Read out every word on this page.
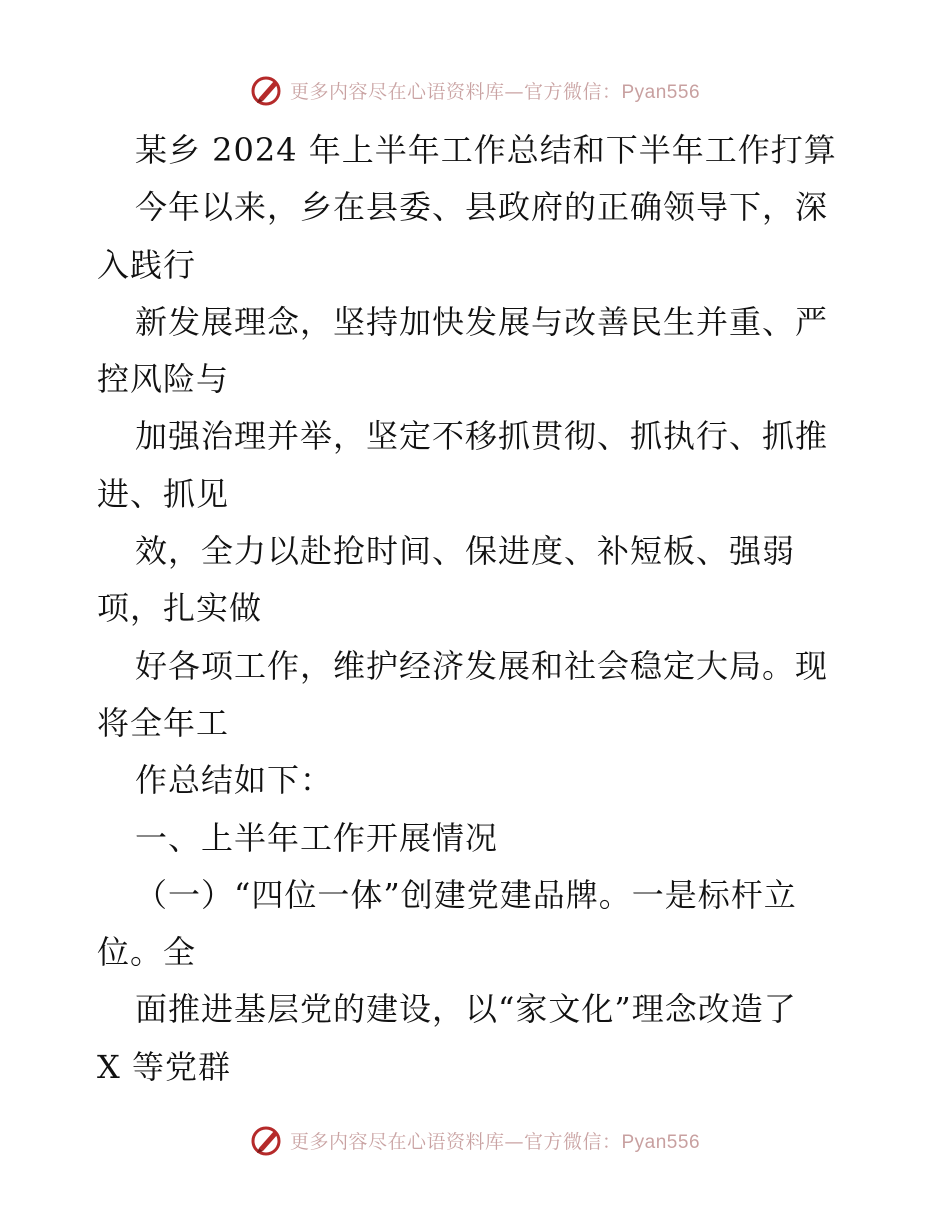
更多内容尽在心语资料库—官方微信：Pyan556
某乡 2024 年上半年工作总结和下半年工作打算
今年以来，乡在县委、县政府的正确领导下，深
入践行
新发展理念，坚持加快发展与改善民生并重、严
控风险与
加强治理并举，坚定不移抓贯彻、抓执行、抓推
进、抓见
效，全力以赴抢时间、保进度、补短板、强弱
项，扎实做
好各项工作，维护经济发展和社会稳定大局。现
将全年工
作总结如下：
一、上半年工作开展情况
（一）“四位一体”创建党建品牌。一是标杆立
位。全
面推进基层党的建设，以“家文化”理念改造了
X 等党群
更多内容尽在心语资料库—官方微信：Pyan556
